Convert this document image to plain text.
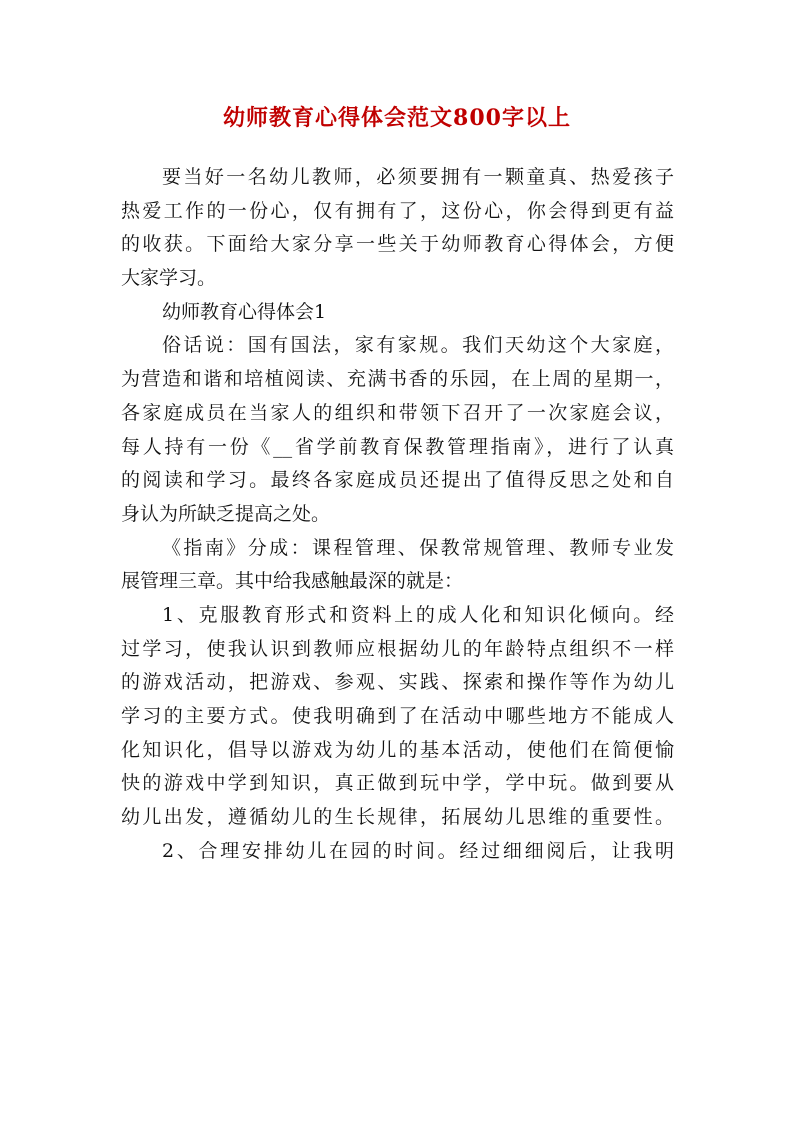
幼师教育心得体会范文800字以上
要当好一名幼儿教师，必须要拥有一颗童真、热爱孩子
热爱工作的一份心，仅有拥有了，这份心，你会得到更有益
的收获。下面给大家分享一些关于幼师教育心得体会，方便
大家学习。
幼师教育心得体会1
俗话说：国有国法，家有家规。我们天幼这个大家庭，
为营造和谐和培植阅读、充满书香的乐园，在上周的星期一，
各家庭成员在当家人的组织和带领下召开了一次家庭会议，
每人持有一份《__省学前教育保教管理指南》，进行了认真
的阅读和学习。最终各家庭成员还提出了值得反思之处和自
身认为所缺乏提高之处。
《指南》分成：课程管理、保教常规管理、教师专业发
展管理三章。其中给我感触最深的就是：
1、克服教育形式和资料上的成人化和知识化倾向。经
过学习，使我认识到教师应根据幼儿的年龄特点组织不一样
的游戏活动，把游戏、参观、实践、探索和操作等作为幼儿
学习的主要方式。使我明确到了在活动中哪些地方不能成人
化知识化，倡导以游戏为幼儿的基本活动，使他们在简便愉
快的游戏中学到知识，真正做到玩中学，学中玩。做到要从
幼儿出发，遵循幼儿的生长规律，拓展幼儿思维的重要性。
2、合理安排幼儿在园的时间。经过细细阅后，让我明
